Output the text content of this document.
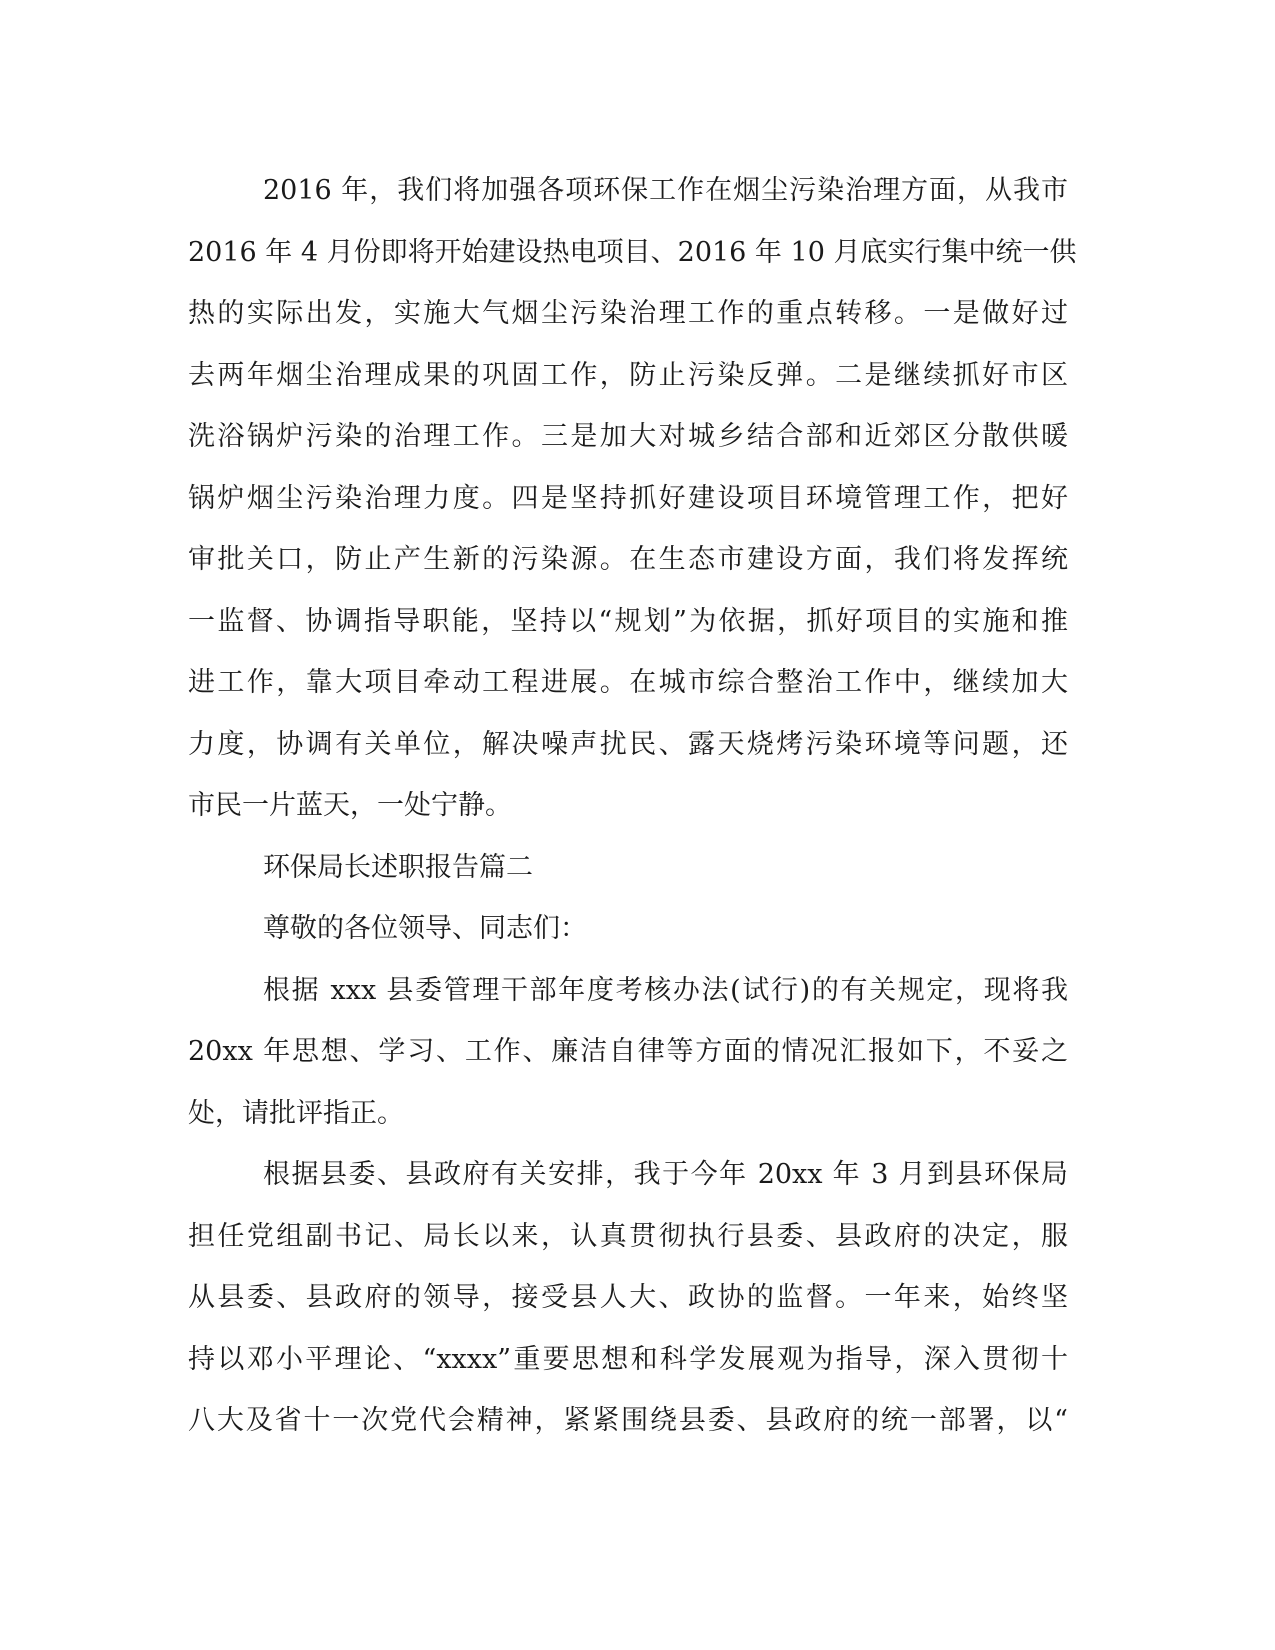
2016 年，我们将加强各项环保工作在烟尘污染治理方面，从我市
2016 年 4 月份即将开始建设热电项目、2016 年 10 月底实行集中统一供
热的实际出发，实施大气烟尘污染治理工作的重点转移。一是做好过
去两年烟尘治理成果的巩固工作，防止污染反弹。二是继续抓好市区
洗浴锅炉污染的治理工作。三是加大对城乡结合部和近郊区分散供暖
锅炉烟尘污染治理力度。四是坚持抓好建设项目环境管理工作，把好
审批关口，防止产生新的污染源。在生态市建设方面，我们将发挥统
一监督、协调指导职能，坚持以“规划”为依据，抓好项目的实施和推
进工作，靠大项目牵动工程进展。在城市综合整治工作中，继续加大
力度，协调有关单位，解决噪声扰民、露天烧烤污染环境等问题，还
市民一片蓝天，一处宁静。
环保局长述职报告篇二
尊敬的各位领导、同志们：
根据 xxx 县委管理干部年度考核办法(试行)的有关规定，现将我
20xx 年思想、学习、工作、廉洁自律等方面的情况汇报如下，不妥之
处，请批评指正。
根据县委、县政府有关安排，我于今年 20xx 年 3 月到县环保局
担任党组副书记、局长以来，认真贯彻执行县委、县政府的决定，服
从县委、县政府的领导，接受县人大、政协的监督。一年来，始终坚
持以邓小平理论、“xxxx”重要思想和科学发展观为指导，深入贯彻十
八大及省十一次党代会精神，紧紧围绕县委、县政府的统一部署，以“
